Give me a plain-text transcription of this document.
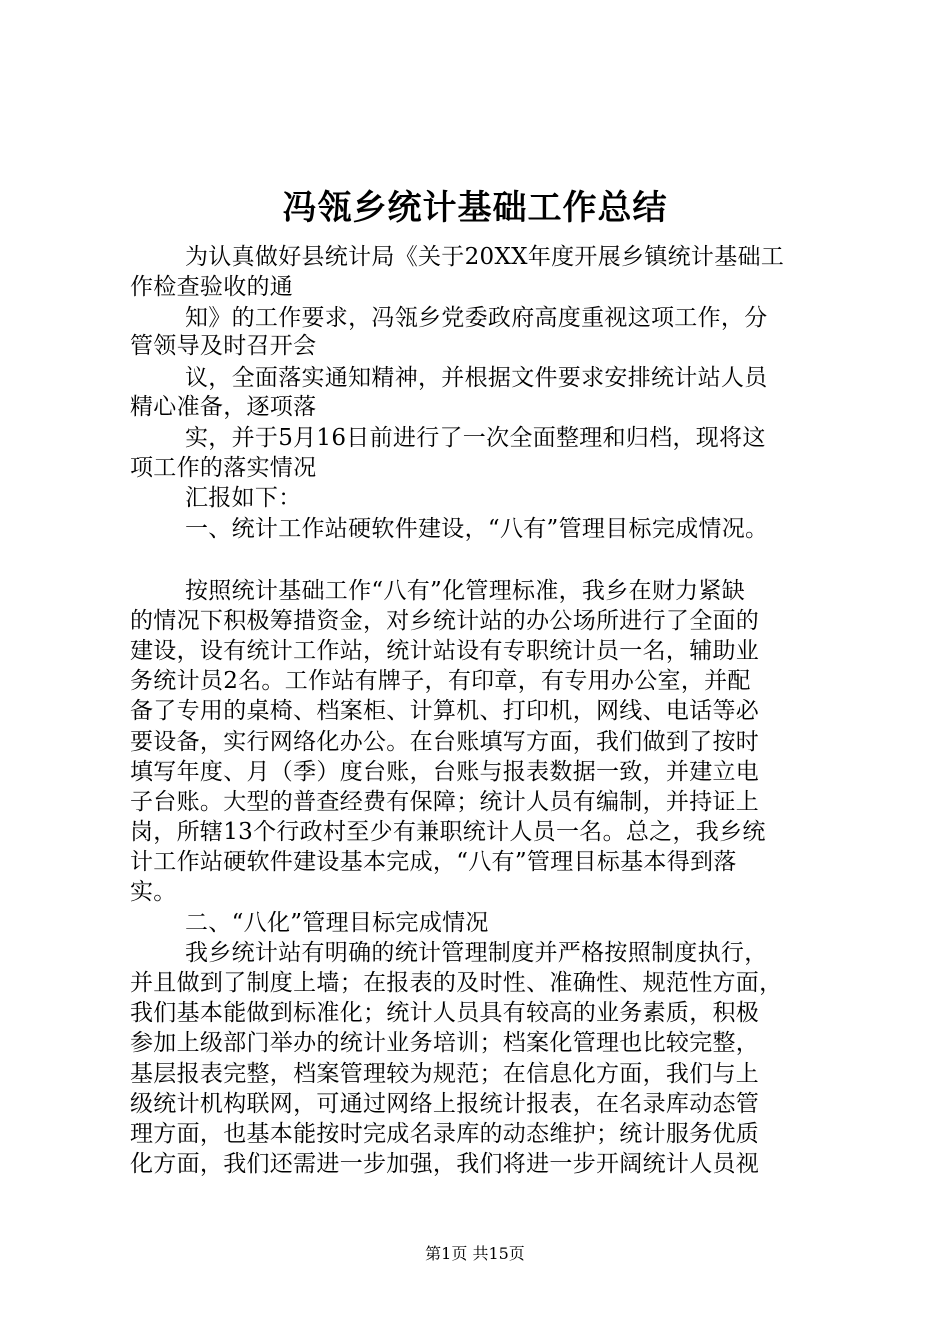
冯瓴乡统计基础工作总结
为认真做好县统计局《关于20XX年度开展乡镇统计基础工
作检查验收的通
知》的工作要求，冯瓴乡党委政府高度重视这项工作，分
管领导及时召开会
议，全面落实通知精神，并根据文件要求安排统计站人员
精心准备，逐项落
实，并于5月16日前进行了一次全面整理和归档，现将这
项工作的落实情况
汇报如下：
一、统计工作站硬软件建设，“八有”管理目标完成情况。
按照统计基础工作“八有”化管理标准，我乡在财力紧缺
的情况下积极筹措资金，对乡统计站的办公场所进行了全面的
建设，设有统计工作站，统计站设有专职统计员一名，辅助业
务统计员2名。工作站有牌子，有印章，有专用办公室，并配
备了专用的桌椅、档案柜、计算机、打印机，网线、电话等必
要设备，实行网络化办公。在台账填写方面，我们做到了按时
填写年度、月（季）度台账，台账与报表数据一致，并建立电
子台账。大型的普查经费有保障；统计人员有编制，并持证上
岗，所辖13个行政村至少有兼职统计人员一名。总之，我乡统
计工作站硬软件建设基本完成，“八有”管理目标基本得到落
实。
二、“八化”管理目标完成情况
我乡统计站有明确的统计管理制度并严格按照制度执行，
并且做到了制度上墙；在报表的及时性、准确性、规范性方面，
我们基本能做到标准化；统计人员具有较高的业务素质，积极
参加上级部门举办的统计业务培训；档案化管理也比较完整，
基层报表完整，档案管理较为规范；在信息化方面，我们与上
级统计机构联网，可通过网络上报统计报表，在名录库动态管
理方面，也基本能按时完成名录库的动态维护；统计服务优质
化方面，我们还需进一步加强，我们将进一步开阔统计人员视
第1页 共15页
